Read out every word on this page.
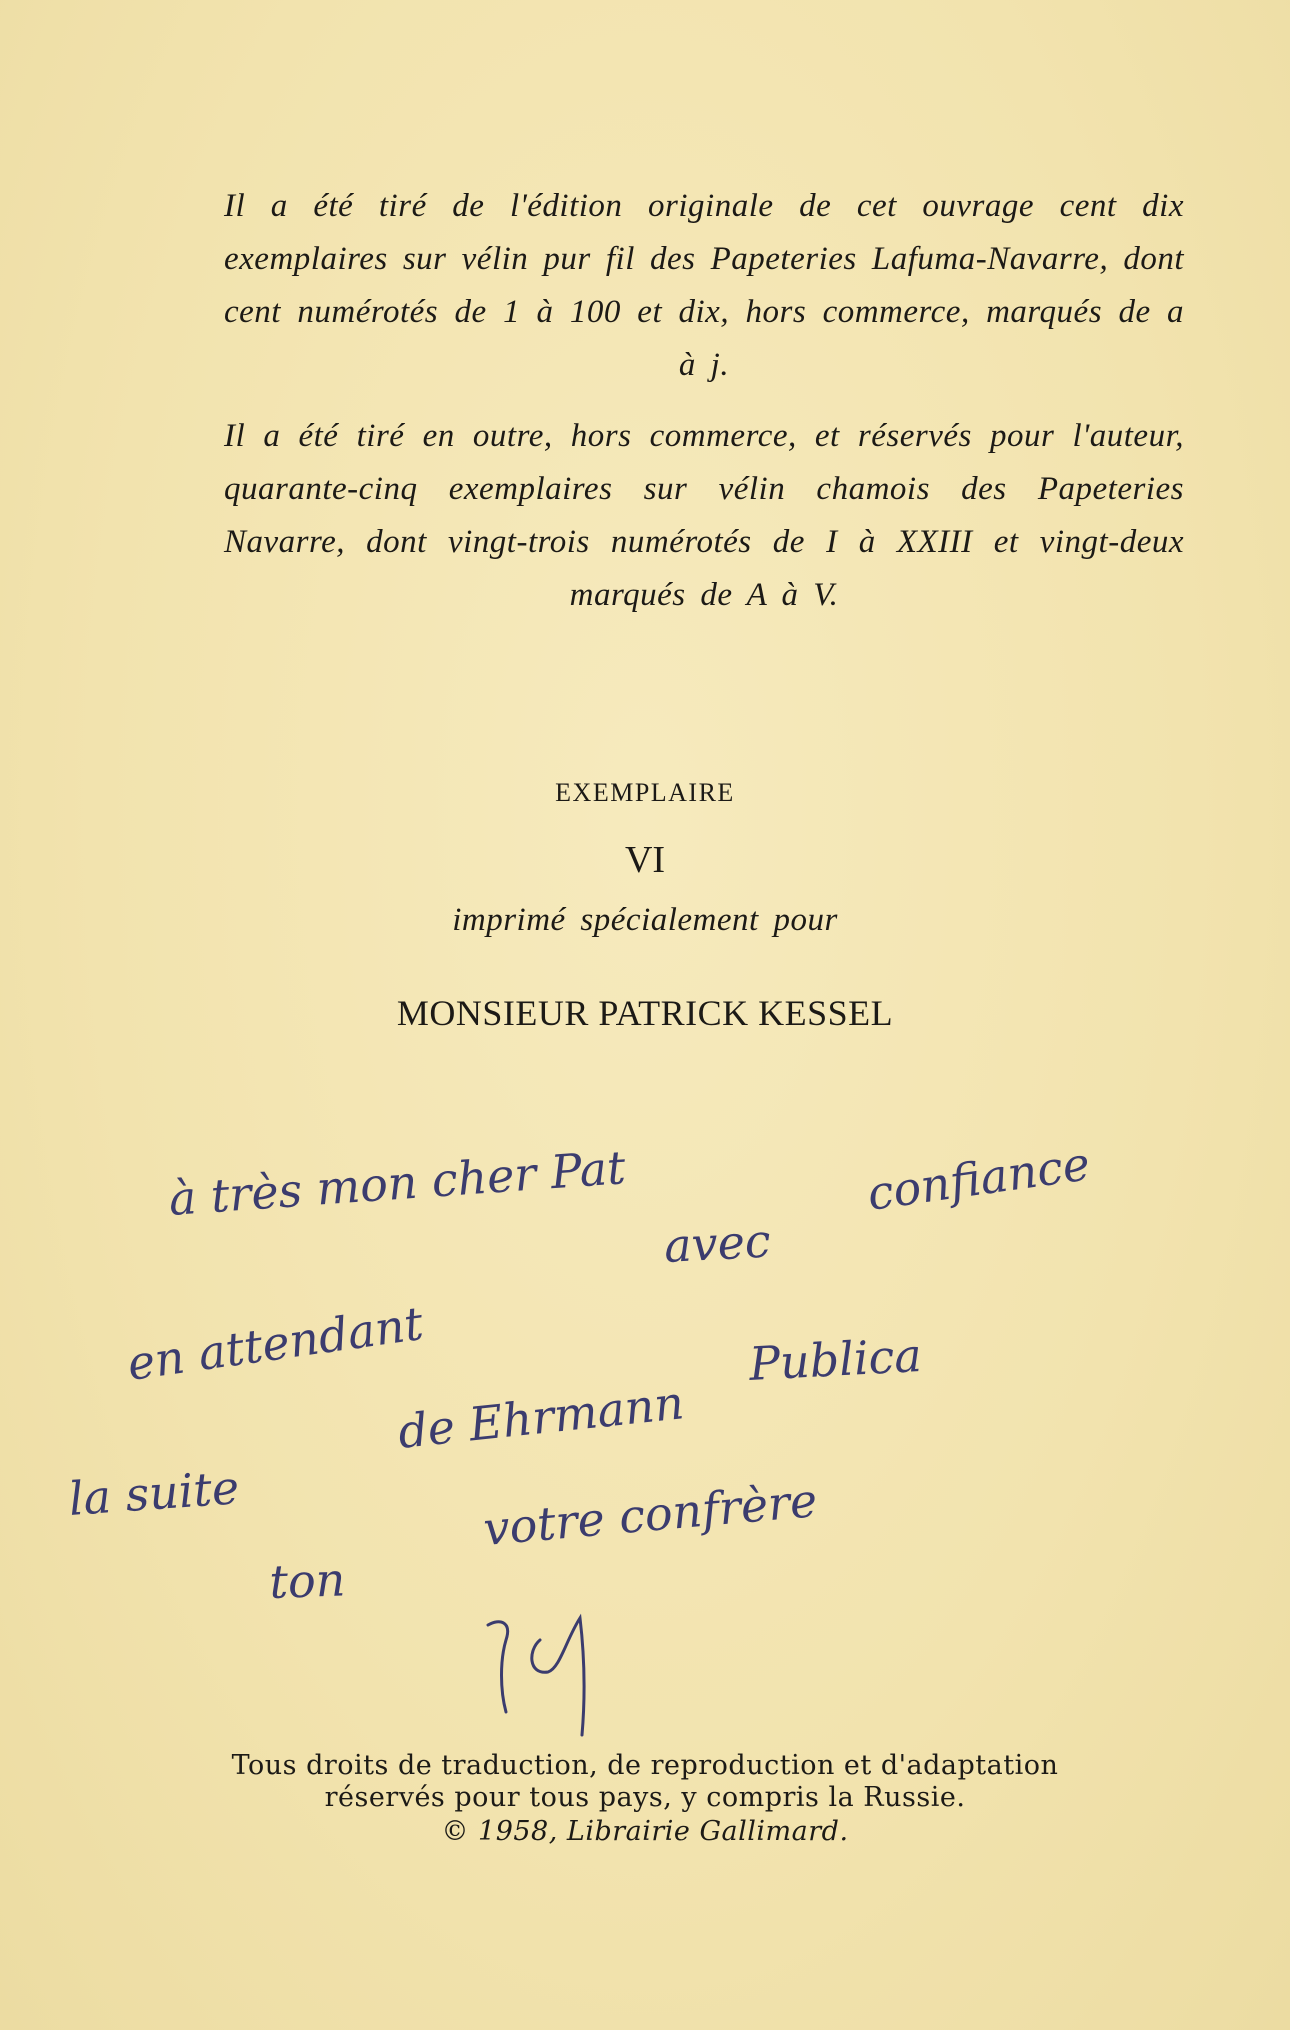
Il a été tiré de l'édition originale de cet ouvrage cent dix exemplaires sur vélin pur fil des Papeteries Lafuma-Navarre, dont cent numérotés de 1 à 100 et dix, hors commerce, marqués de a à j.
Il a été tiré en outre, hors commerce, et réservés pour l'auteur, quarante-cinq exemplaires sur vélin chamois des Papeteries Navarre, dont vingt-trois numérotés de I à XXIII et vingt-deux marqués de A à V.
EXEMPLAIRE
VI
imprimé spécialement pour
MONSIEUR PATRICK KESSEL
à très mon cher Pat	confiance
avec
en attendant	Publica
de Ehrmann
la suite	votre confrère
ton
Tous droits de traduction, de reproduction et d'adaptation
réservés pour tous pays, y compris la Russie.
© 1958, Librairie Gallimard.
